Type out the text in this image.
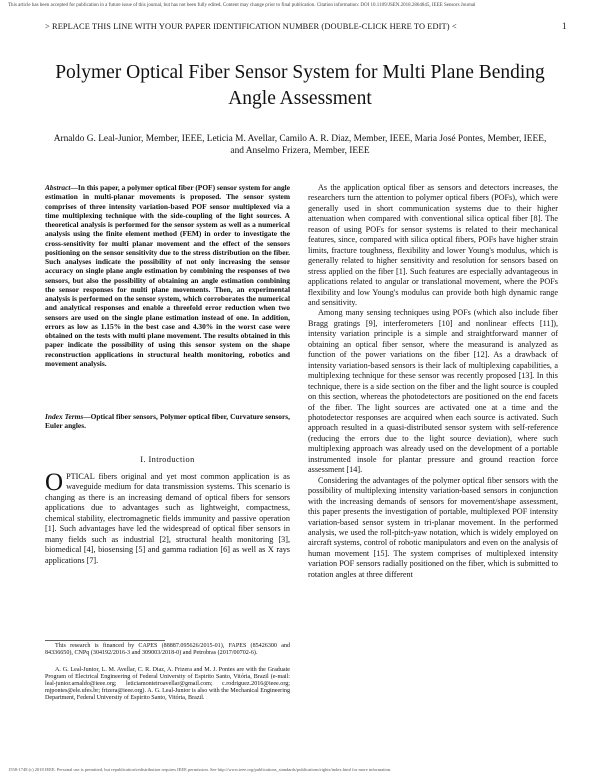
This article has been accepted for publication in a future issue of this journal, but has not been fully edited. Content may change prior to final publication. Citation information: DOI 10.1109/JSEN.2018.2864845, IEEE Sensors Journal
> REPLACE THIS LINE WITH YOUR PAPER IDENTIFICATION NUMBER (DOUBLE-CLICK HERE TO EDIT) <	1
Polymer Optical Fiber Sensor System for Multi Plane Bending Angle Assessment
Arnaldo G. Leal-Junior, Member, IEEE, Leticia M. Avellar, Camilo A. R. Diaz, Member, IEEE, Maria José Pontes, Member, IEEE, and Anselmo Frizera, Member, IEEE

Abstract—In this paper, a polymer optical fiber (POF) sensor system for angle estimation in multi-planar movements is proposed. The sensor system comprises of three intensity variation-based POF sensor multiplexed via a time multiplexing technique with the side-coupling of the light sources. A theoretical analysis is performed for the sensor system as well as a numerical analysis using the finite element method (FEM) in order to investigate the cross-sensitivity for multi planar movement and the effect of the sensors positioning on the sensor sensitivity due to the stress distribution on the fiber. Such analyses indicate the possibility of not only increasing the sensor accuracy on single plane angle estimation by combining the responses of two sensors, but also the possibility of obtaining an angle estimation combining the sensor responses for multi plane movements. Then, an experimental analysis is performed on the sensor system, which corroborates the numerical and analytical responses and enable a threefold error reduction when two sensors are used on the single plane estimation instead of one. In addition, errors as low as 1.15% in the best case and 4.30% in the worst case were obtained on the tests with multi plane movement. The results obtained in this paper indicate the possibility of using this sensor system on the shape reconstruction applications in structural health monitoring, robotics and movement analysis.

Index Terms—Optical fiber sensors, Polymer optical fiber, Curvature sensors, Euler angles.

I. Introduction

OPTICAL fibers original and yet most common application is as waveguide medium for data transmission systems. This scenario is changing as there is an increasing demand of optical fibers for sensors applications due to advantages such as lightweight, compactness, chemical stability, electromagnetic fields immunity and passive operation [1]. Such advantages have led the widespread of optical fiber sensors in many fields such as industrial [2], structural health monitoring [3], biomedical [4], biosensing [5] and gamma radiation [6] as well as X rays applications [7].

This research is financed by CAPES (88887.095626/2015-01), FAPES (85426300 and 84336650), CNPq (304192/2016-3 and 309003/2018-0) and Petrobras (2017/00702-6).

A. G. Leal-Junior, L. M. Avellar, C. R. Diaz, A. Frizera and M. J. Pontes are with the Graduate Program of Electrical Engineering of Federal University of Espirito Santo, Vitória, Brazil (e-mail: leal-junior.arnaldo@ieee.org; leticiamonteiroavellar@gmail.com; c.rodriguez.2016@ieee.org; mjpontes@ele.ufes.br; frizera@ieee.org). A. G. Leal-Junior is also with the Mechanical Engineering Department, Federal University of Espirito Santo, Vitória, Brazil.

As the application optical fiber as sensors and detectors increases, the researchers turn the attention to polymer optical fibers (POFs), which were generally used in short communication systems due to their higher attenuation when compared with conventional silica optical fiber [8]. The reason of using POFs for sensor systems is related to their mechanical features, since, compared with silica optical fibers, POFs have higher strain limits, fracture toughness, flexibility and lower Young's modulus, which is generally related to higher sensitivity and resolution for sensors based on stress applied on the fiber [1]. Such features are especially advantageous in applications related to angular or translational movement, where the POFs flexibility and low Young's modulus can provide both high dynamic range and sensitivity.

Among many sensing techniques using POFs (which also include fiber Bragg gratings [9], interferometers [10] and nonlinear effects [11]), intensity variation principle is a simple and straightforward manner of obtaining an optical fiber sensor, where the measurand is analyzed as function of the power variations on the fiber [12]. As a drawback of intensity variation-based sensors is their lack of multiplexing capabilities, a multiplexing technique for these sensor was recently proposed [13]. In this technique, there is a side section on the fiber and the light source is coupled on this section, whereas the photodetectors are positioned on the end facets of the fiber. The light sources are activated one at a time and the photodetector responses are acquired when each source is activated. Such approach resulted in a quasi-distributed sensor system with self-reference (reducing the errors due to the light source deviation), where such multiplexing approach was already used on the development of a portable instrumented insole for plantar pressure and ground reaction force assessment [14].

Considering the advantages of the polymer optical fiber sensors with the possibility of multiplexing intensity variation-based sensors in conjunction with the increasing demands of sensors for movement/shape assessment, this paper presents the investigation of portable, multiplexed POF intensity variation-based sensor system in tri-planar movement. In the performed analysis, we used the roll-pitch-yaw notation, which is widely employed on aircraft systems, control of robotic manipulators and even on the analysis of human movement [15]. The system comprises of multiplexed intensity variation POF sensors radially positioned on the fiber, which is submitted to rotation angles at three different

1558-1748 (c) 2018 IEEE. Personal use is permitted, but republication/redistribution requires IEEE permission. See http://www.ieee.org/publications_standards/publications/rights/index.html for more information.
